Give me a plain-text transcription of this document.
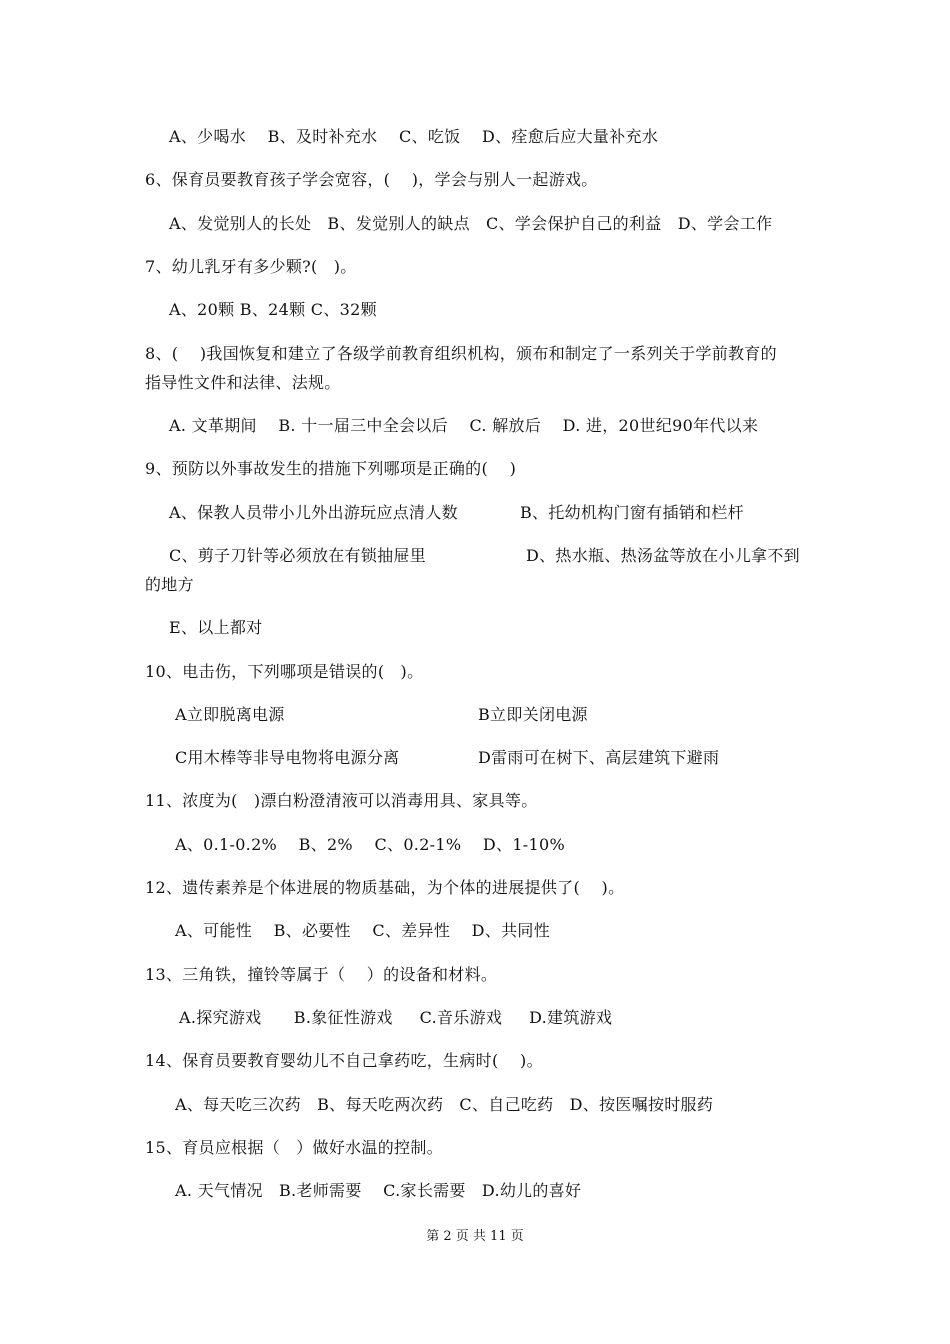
A、少喝水    B、及时补充水    C、吃饭    D、痊愈后应大量补充水
6、保育员要教育孩子学会宽容，(    )，学会与别人一起游戏。
A、发觉别人的长处   B、发觉别人的缺点   C、学会保护自己的利益   D、学会工作
7、幼儿乳牙有多少颗?(   )。
A、20颗 B、24颗 C、32颗
8、(    )我国恢复和建立了各级学前教育组织机构，颁布和制定了一系列关于学前教育的
指导性文件和法律、法规。
A. 文革期间    B. 十一届三中全会以后    C. 解放后    D. 进，20世纪90年代以来
9、预防以外事故发生的措施下列哪项是正确的(    )
A、保教人员带小儿外出游玩应点清人数	B、托幼机构门窗有插销和栏杆
C、剪子刀针等必须放在有锁抽屉里	D、热水瓶、热汤盆等放在小儿拿不到
的地方
E、以上都对
10、电击伤，下列哪项是错误的(   )。
A立即脱离电源	B立即关闭电源
C用木棒等非导电物将电源分离	D雷雨可在树下、高层建筑下避雨
11、浓度为(   )漂白粉澄清液可以消毒用具、家具等。
A、0.1-0.2%    B、2%    C、0.2-1%    D、1-10%
12、遗传素养是个体进展的物质基础，为个体的进展提供了(    )。
A、可能性    B、必要性    C、差异性    D、共同性
13、三角铁，撞铃等属于（    ）的设备和材料。
A.探究游戏      B.象征性游戏     C.音乐游戏     D.建筑游戏
14、保育员要教育婴幼儿不自己拿药吃，生病时(    )。
A、每天吃三次药   B、每天吃两次药   C、自己吃药   D、按医嘱按时服药
15、育员应根据（   ）做好水温的控制。
A. 天气情况   B.老师需要    C.家长需要   D.幼儿的喜好
第 2 页 共 11 页
